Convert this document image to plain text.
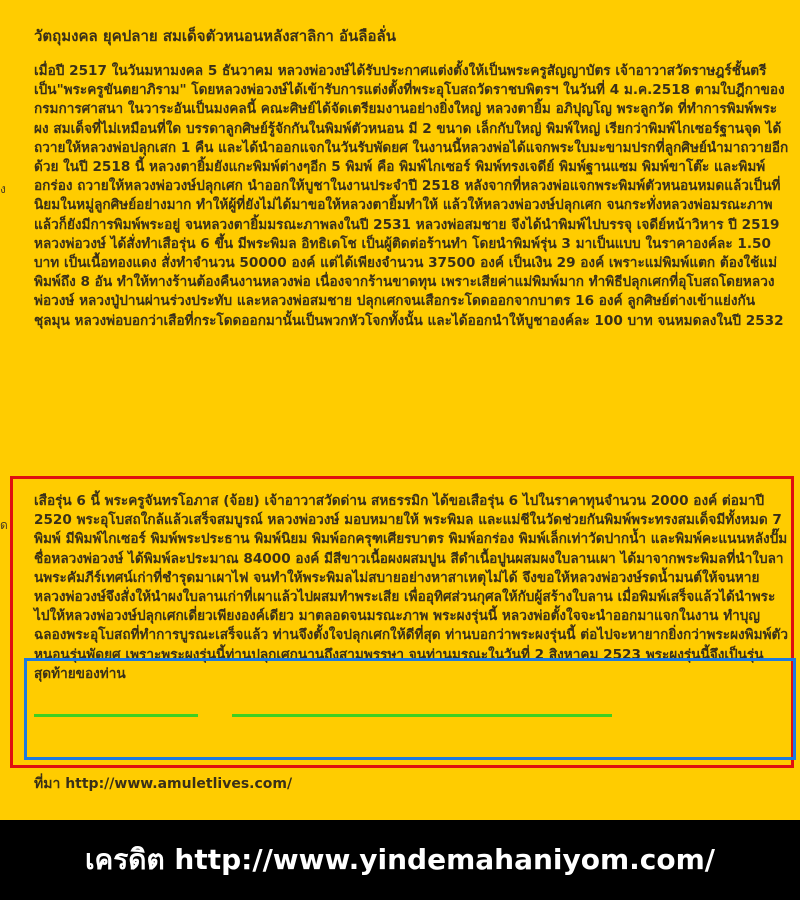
วัตถุมงคล ยุคปลาย สมเด็จตัวหนอนหลังสาลิกา อันลือลั่น
ง

เมื่อปี 2517 ในวันมหามงคล 5 ธันวาคม หลวงพ่อวงษ์ได้รับประกาศแต่งตั้งให้เป็นพระครูสัญญาบัตร เจ้าอาวาสวัดราษฎร์ชั้นตรีเป็น"พระครูขันตยาภิราม" โดยหลวงพ่อวงษ์ได้เข้ารับการแต่งตั้งที่พระอุโบสถวัดราชบพิตรฯ ในวันที่ 4 ม.ค.2518 ตามใบฎีกาของกรมการศาสนา ในวาระอันเป็นมงคลนี้ คณะศิษย์ได้จัดเตรียมงานอย่างยิ่งใหญ่ หลวงตายิ้ม อภิปุญโญ พระลูกวัด ที่ทำการพิมพ์พระผง สมเด็จที่ไม่เหมือนที่ใด บรรดาลูกศิษย์รู้จักกันในพิมพ์ตัวหนอน มี 2 ขนาด เล็กกับใหญ่ พิมพ์ใหญ่ เรียกว่าพิมพ์ไกเซอร์ฐานจุด ได้ถวายให้หลวงพ่อปลุกเสก 1 คืน และได้นำออกแจกในวันรับพัดยศ ในงานนี้หลวงพ่อได้แจกพระใบมะขามปรกที่ลูกศิษย์นำมาถวายอีกด้วย ในปี 2518 นี้ หลวงตายิ้มยังแกะพิมพ์ต่างๆอีก 5 พิมพ์ คือ พิมพ์ไกเซอร์ พิมพ์ทรงเจดีย์ พิมพ์ฐานแซม พิมพ์ขาโต๊ะ และพิมพ์อกร่อง ถวายให้หลวงพ่อวงษ์ปลุกเศก นำออกให้บูชาในงานประจำปี 2518 หลังจากที่หลวงพ่อแจกพระพิมพ์ตัวหนอนหมดแล้วเป็นที่นิยมในหมู่ลูกศิษย์อย่างมาก ทำให้ผู้ที่ยังไม่ได้มาขอให้หลวงตายิ้มทำให้ แล้วให้หลวงพ่อวงษ์ปลุกเศก จนกระทั่งหลวงพ่อมรณะภาพแล้วก็ยังมีการพิมพ์พระอยู่ จนหลวงตายิ้มมรณะภาพลงในปี 2531 หลวงพ่อสมชาย จึงได้นำพิมพ์ไปบรรจุ เจดีย์หน้าวิหาร ปี 2519 หลวงพ่อวงษ์ ได้สั่งทำเสือรุ่น 6 ขึ้น มีพระพิมล อิทธิเดโช เป็นผู้ติดต่อร้านทำ โดยนำพิมพ์รุ่น 3 มาเป็นแบบ ในราคาองค์ละ 1.50 บาท เป็นเนื้อทองแดง สั่งทำจำนวน 50000 องค์ แต่ได้เพียงจำนวน 37500 องค์ เป็นเงิน 29 องค์ เพราะแม่พิมพ์แตก ต้องใช้แม่พิมพ์ถึง 8 อัน ทำให้ทางร้านต้องคืนงานหลวงพ่อ เนื่องจากร้านขาดทุน เพราะเสียค่าแม่พิมพ์มาก ทำพิธีปลุกเศกที่อุโบสถโดยหลวงพ่อวงษ์ หลวงปู่ปานผ่านร่วงประทับ และหลวงพ่อสมชาย ปลุกเศกจนเสือกระโดดออกจากบาตร 16 องค์ ลูกศิษย์ต่างเข้าแย่งกันชุลมุน หลวงพ่อบอกว่าเสือที่กระโดดออกมานั้นเป็นพวกหัวโจกทั้งนั้น และได้ออกนำให้บูชาองค์ละ 100 บาท จนหมดลงในปี 2532

ด

เสือรุ่น 6 นี้ พระครูจันทรโอภาส (จ้อย) เจ้าอาวาสวัดด่าน สหธรรมิก ได้ขอเสือรุ่น 6 ไปในราคาทุนจำนวน 2000 องค์ ต่อมาปี 2520 พระอุโบสถใกล้แล้วเสร็จสมบูรณ์ หลวงพ่อวงษ์ มอบหมายให้ พระพิมล และแม่ชีในวัดช่วยกันพิมพ์พระทรงสมเด็จมีทั้งหมด 7 พิมพ์ มีพิมพ์ไกเซอร์ พิมพ์พระประธาน พิมพ์นิยม พิมพ์อกครุฑเศียรบาตร พิมพ์อกร่อง พิมพ์เล็กเท่าวัดปากน้ำ และพิมพ์คะแนนหลังปั๊มชื่อหลวงพ่อวงษ์ ได้พิมพ์ละประมาณ 84000 องค์ มีสีขาวเนื้อผงผสมปูน สีดำเนื้อปูนผสมผงใบลานเผา ได้มาจากพระพิมลที่นำใบลานพระคัมภีร์เทศน์เก่าที่ชำรุดมาเผาไฟ จนทำให้พระพิมลไม่สบายอย่างหาสาเหตุไม่ได้ จึงขอให้หลวงพ่อวงษ์รดน้ำมนต์ให้จนหาย หลวงพ่อวงษ์จึงสั่งให้นำผงใบลานเก่าที่เผาแล้วไปผสมทำพระเสีย เพื่ออุทิศส่วนกุศลให้กับผู้สร้างใบลาน เมื่อพิมพ์เสร็จแล้วได้นำพระไปให้หลวงพ่อวงษ์ปลุกเศกเดี่ยวเพียงองค์เดียว มาตลอดจนมรณะภาพ พระผงรุ่นนี้ หลวงพ่อตั้งใจจะนำออกมาแจกในงาน ทำบุญฉลองพระอุโบสถที่ทำการบูรณะเสร็จแล้ว ท่านจึงตั้งใจปลุกเศกให้ดีที่สุด ท่านบอกว่าพระผงรุ่นนี้ ต่อไปจะหายากยิ่งกว่าพระผงพิมพ์ตัวหนอนรุ่นพัดยศ เพราะพระผงรุ่นนี้ท่านปลุกเศกนานถึงสามพรรษา จนท่านมรณะในวันที่ 2 สิงหาคม 2523 พระผงรุ่นนี้จึงเป็นรุ่นสุดท้ายของท่าน

ที่มา http://www.amuletlives.com/
เครดิต http://www.yindemahaniyom.com/
